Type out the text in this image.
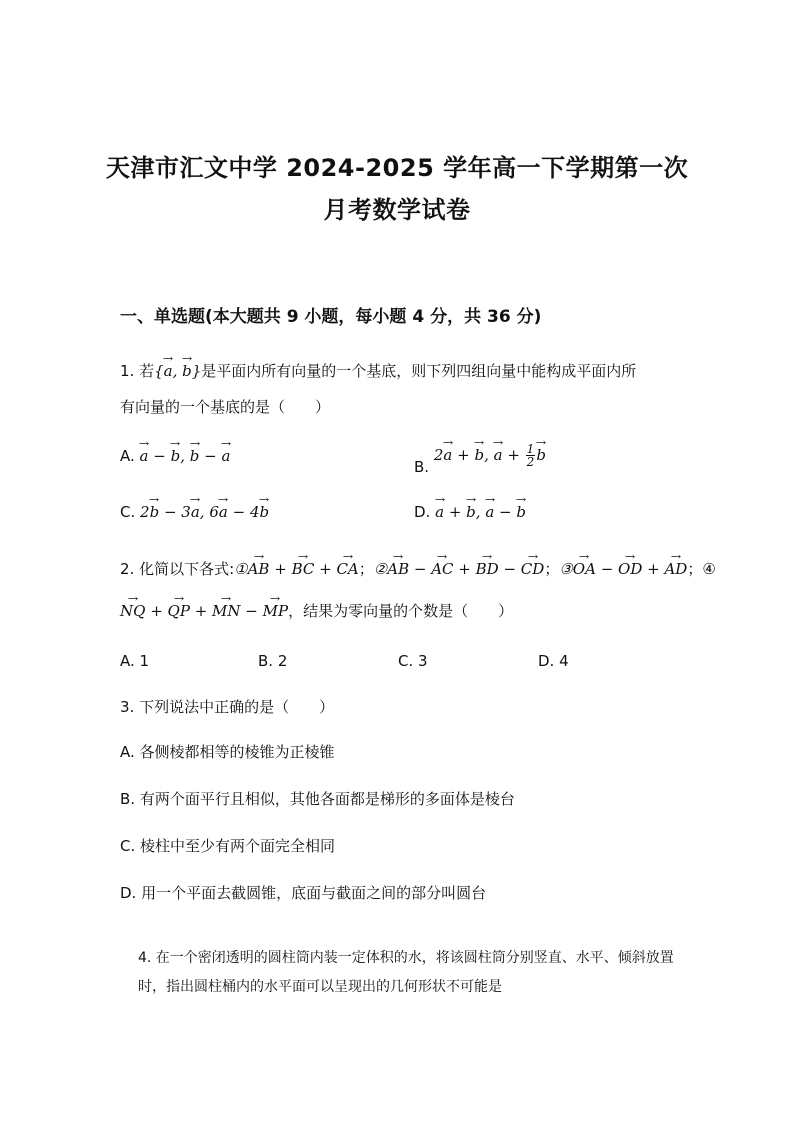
天津市汇文中学 2024-2025 学年高一下学期第一次
月考数学试卷
一、单选题(本大题共 9 小题，每小题 4 分，共 36 分)
1. 若{→ a, → b}是平面内所有向量的一个基底，则下列四组向量中能构成平面内所
有向量的一个基底的是（　　）
A. → a − → b, → b − → a
B. 2→ a + → b, → $a + \frac{1}{2}$
→ b
C. 2→ b − 3→ a, 6→ a − 4→ b	D. → a + → b, → a − → b
2. 化简以下各式:①→ AB + → BC + → CA；②→ AB − → AC + → BD − → CD；③→ OA − → OD + → AD；④
→ NQ + → QP + → MN − → MP，结果为零向量的个数是（　　）
A. 1	B. 2	C. 3	D. 4
3. 下列说法中正确的是（　　）
A. 各侧棱都相等的棱锥为正棱锥
B. 有两个面平行且相似，其他各面都是梯形的多面体是棱台
C. 棱柱中至少有两个面完全相同
D. 用一个平面去截圆锥，底面与截面之间的部分叫圆台
4. 在一个密闭透明的圆柱筒内装一定体积的水，将该圆柱筒分别竖直、水平、倾斜放置
时，指出圆柱桶内的水平面可以呈现出的几何形状不可能是
